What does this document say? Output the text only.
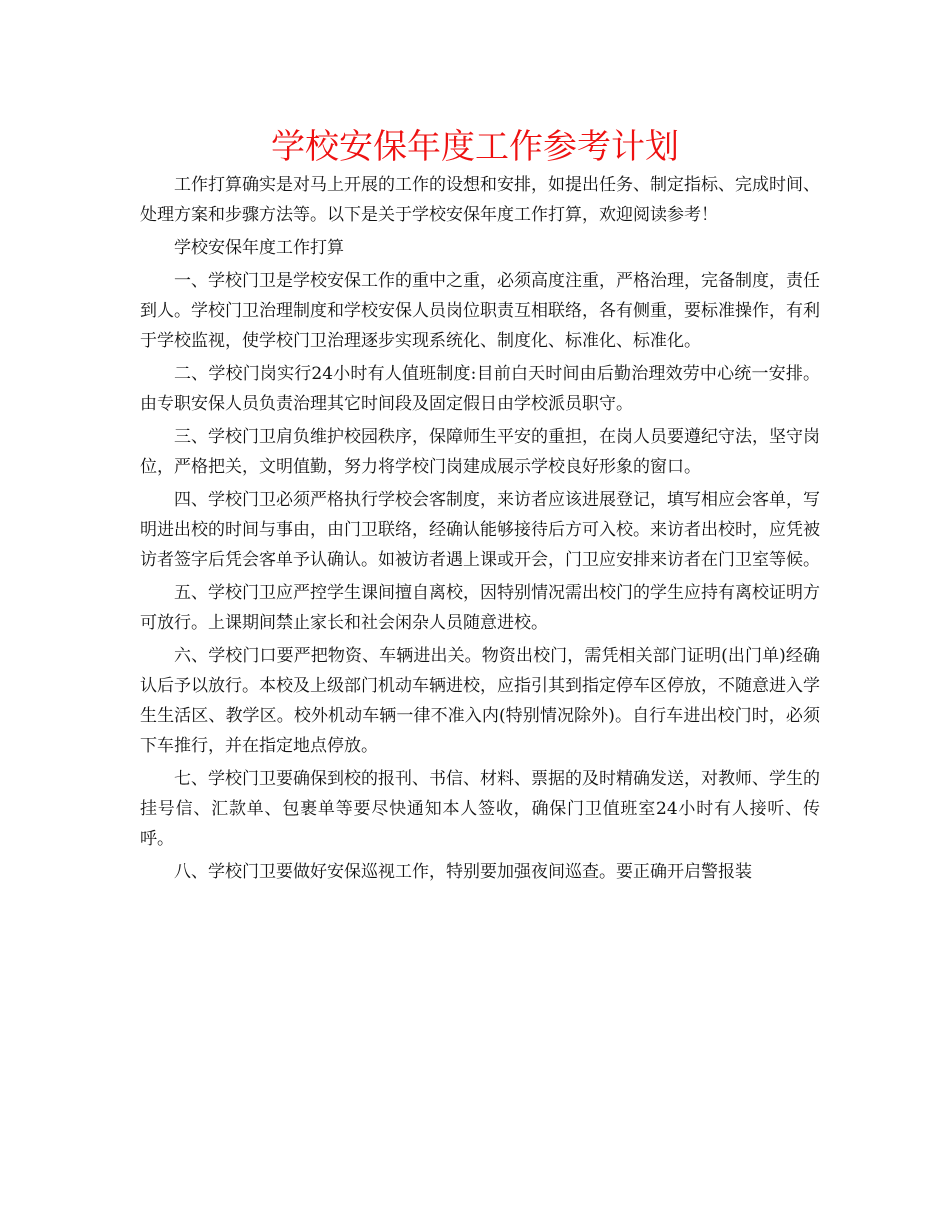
学校安保年度工作参考计划

工作打算确实是对马上开展的工作的设想和安排，如提出任务、制定指标、完成时间、处理方案和步骤方法等。以下是关于学校安保年度工作打算，欢迎阅读参考！

学校安保年度工作打算

一、学校门卫是学校安保工作的重中之重，必须高度注重，严格治理，完备制度，责任到人。学校门卫治理制度和学校安保人员岗位职责互相联络，各有侧重，要标准操作，有利于学校监视，使学校门卫治理逐步实现系统化、制度化、标准化、标准化。

二、学校门岗实行24小时有人值班制度:目前白天时间由后勤治理效劳中心统一安排。由专职安保人员负责治理其它时间段及固定假日由学校派员职守。

三、学校门卫肩负维护校园秩序，保障师生平安的重担，在岗人员要遵纪守法，坚守岗位，严格把关，文明值勤，努力将学校门岗建成展示学校良好形象的窗口。

四、学校门卫必须严格执行学校会客制度，来访者应该进展登记，填写相应会客单，写明进出校的时间与事由，由门卫联络，经确认能够接待后方可入校。来访者出校时，应凭被访者签字后凭会客单予认确认。如被访者遇上课或开会，门卫应安排来访者在门卫室等候。

五、学校门卫应严控学生课间擅自离校，因特别情况需出校门的学生应持有离校证明方可放行。上课期间禁止家长和社会闲杂人员随意进校。

六、学校门口要严把物资、车辆进出关。物资出校门，需凭相关部门证明(出门单)经确认后予以放行。本校及上级部门机动车辆进校，应指引其到指定停车区停放，不随意进入学生生活区、教学区。校外机动车辆一律不准入内(特别情况除外)。自行车进出校门时，必须下车推行，并在指定地点停放。

七、学校门卫要确保到校的报刊、书信、材料、票据的及时精确发送，对教师、学生的挂号信、汇款单、包裹单等要尽快通知本人签收，确保门卫值班室24小时有人接听、传呼。

八、学校门卫要做好安保巡视工作，特别要加强夜间巡查。要正确开启警报装
